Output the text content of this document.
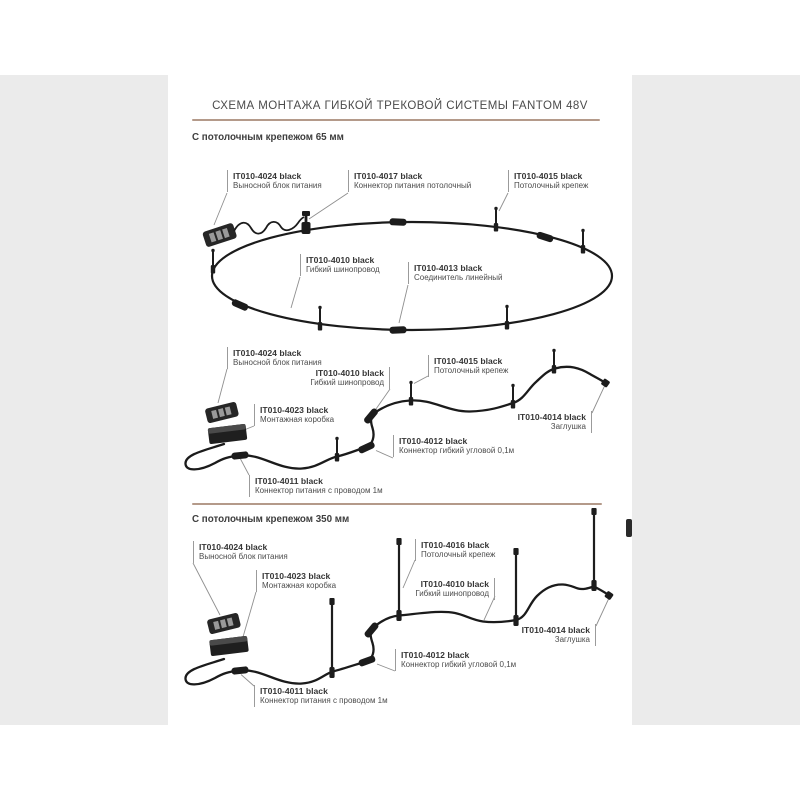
СХЕМА МОНТАЖА ГИБКОЙ ТРЕКОВОЙ СИСТЕМЫ FANTOM 48V
С потолочным крепежом 65 мм
С потолочным крепежом 350 мм
IT010-4024 black
Выносной блок питания
IT010-4017 black
Коннектор питания потолочный
IT010-4015 black
Потолочный крепеж
IT010-4010 black
Гибкий шинопровод	IT010-4013 black
Соединитель линейный
IT010-4024 black
Выносной блок питания
IT010-4023 black
Монтажная коробка
IT010-4010 black
Гибкий шинопровод
IT010-4015 black
Потолочный крепеж
IT010-4014 black
Заглушка
IT010-4012 black
Коннектор гибкий угловой 0,1м
IT010-4011 black
Коннектор питания с проводом 1м
IT010-4024 black
Выносной блок питания
IT010-4023 black
Монтажная коробка
IT010-4016 black
Потолочный крепеж
IT010-4010 black
Гибкий шинопровод
IT010-4014 black
Заглушка
IT010-4012 black
Коннектор гибкий угловой 0,1м
IT010-4011 black
Коннектор питания с проводом 1м
